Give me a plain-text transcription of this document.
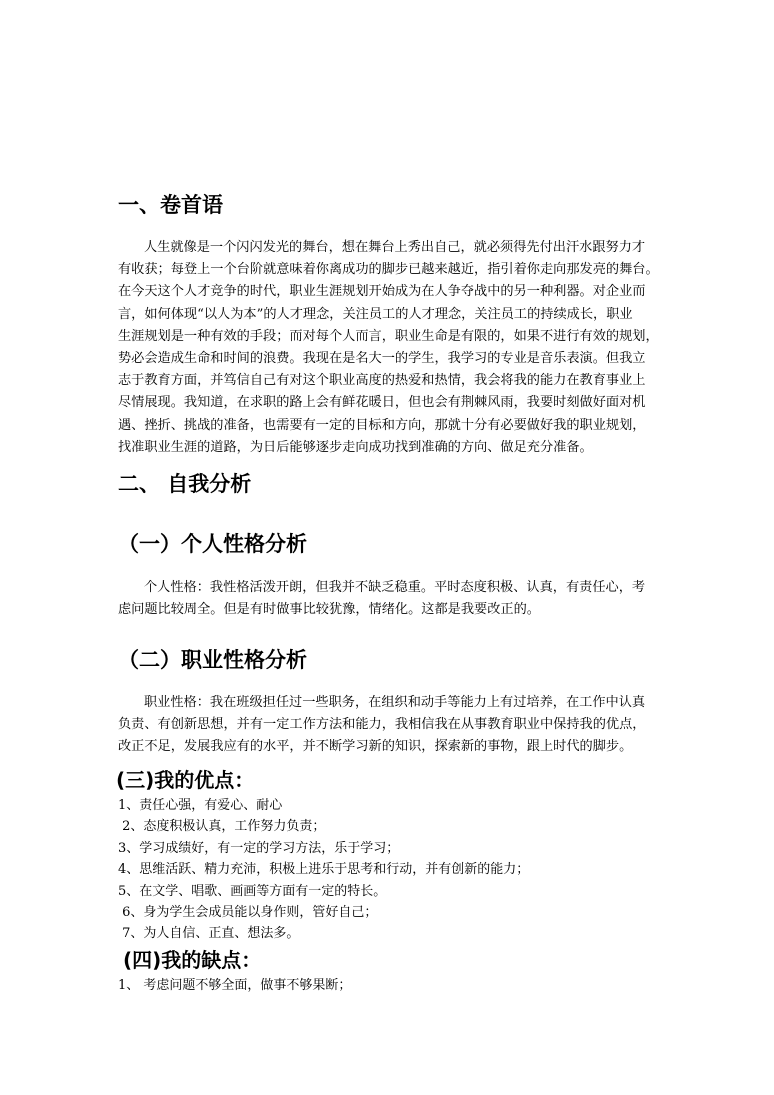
一、卷首语
人生就像是一个闪闪发光的舞台，想在舞台上秀出自己，就必须得先付出汗水跟努力才
有收获；每登上一个台阶就意味着你离成功的脚步已越来越近，指引着你走向那发亮的舞台。
在今天这个人才竞争的时代，职业生涯规划开始成为在人争夺战中的另一种利器。对企业而
言，如何体现“以人为本”的人才理念，关注员工的人才理念，关注员工的持续成长，职业
生涯规划是一种有效的手段；而对每个人而言，职业生命是有限的，如果不进行有效的规划，
势必会造成生命和时间的浪费。我现在是名大一的学生，我学习的专业是音乐表演。但我立
志于教育方面，并笃信自己有对这个职业高度的热爱和热情，我会将我的能力在教育事业上
尽情展现。我知道，在求职的路上会有鲜花暖日，但也会有荆棘风雨，我要时刻做好面对机
遇、挫折、挑战的准备，也需要有一定的目标和方向，那就十分有必要做好我的职业规划，
找准职业生涯的道路，为日后能够逐步走向成功找到准确的方向、做足充分准备。
二、 自我分析
（一）个人性格分析
个人性格：我性格活泼开朗，但我并不缺乏稳重。平时态度积极、认真，有责任心，考
虑问题比较周全。但是有时做事比较犹豫，情绪化。这都是我要改正的。
（二）职业性格分析
职业性格：我在班级担任过一些职务，在组织和动手等能力上有过培养，在工作中认真
负责、有创新思想，并有一定工作方法和能力，我相信我在从事教育职业中保持我的优点，
改正不足，发展我应有的水平，并不断学习新的知识，探索新的事物，跟上时代的脚步。
(三)我的优点：
1、责任心强，有爱心、耐心
2、态度积极认真，工作努力负责；
3、学习成绩好，有一定的学习方法，乐于学习；
4、思维活跃、精力充沛，积极上进乐于思考和行动，并有创新的能力；
5、在文学、唱歌、画画等方面有一定的特长。
6、身为学生会成员能以身作则，管好自己；
7、为人自信、正直、想法多。
(四)我的缺点：
1、 考虑问题不够全面，做事不够果断；
